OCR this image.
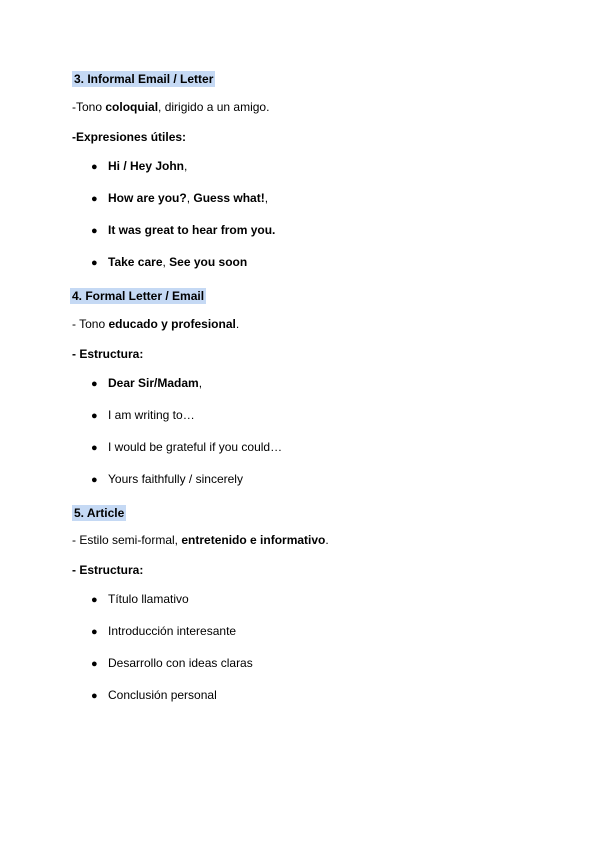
3. Informal Email / Letter
-Tono coloquial, dirigido a un amigo.
-Expresiones útiles:
● Hi / Hey John,
● How are you?, Guess what!,
● It was great to hear from you.
● Take care, See you soon
4. Formal Letter / Email
- Tono educado y profesional.
- Estructura:
● Dear Sir/Madam,
● I am writing to…
● I would be grateful if you could…
● Yours faithfully / sincerely
5. Article
- Estilo semi-formal, entretenido e informativo.
- Estructura:
● Título llamativo
● Introducción interesante
● Desarrollo con ideas claras
● Conclusión personal
